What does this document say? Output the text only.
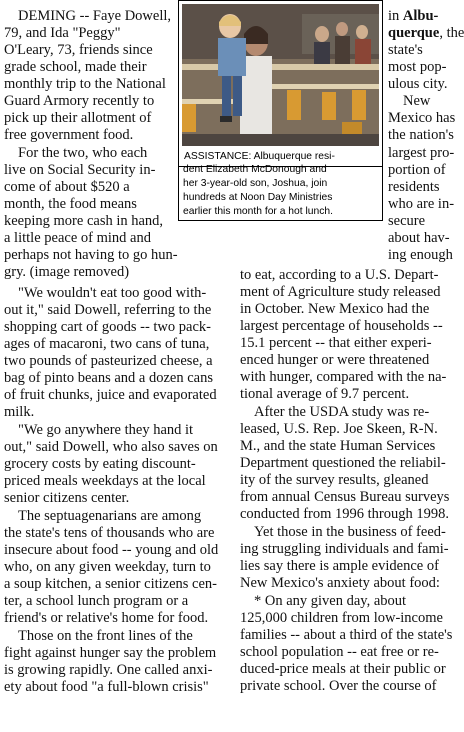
ASSISTANCE: Albuquerque resi-
dent Elizabeth McDonough and
her 3-year-old son, Joshua, join
hundreds at Noon Day Ministries
earlier this month for a hot lunch.
DEMING -- Faye Dowell,
79, and Ida "Peggy"
O'Leary, 73, friends since
grade school, made their
monthly trip to the National
Guard Armory recently to
pick up their allotment of
free government food.
For the two, who each
live on Social Security in-
come of about $520 a
month, the food means
keeping more cash in hand,
a little peace of mind and
perhaps not having to go hun-
gry. (image removed)
in Albu-
querque, the
state's
most pop-
ulous city.
New
Mexico has
the nation's
largest pro-
portion of
residents
who are in-
secure
about hav-
ing enough
"We wouldn't eat too good with-
out it," said Dowell, referring to the
shopping cart of goods -- two pack-
ages of macaroni, two cans of tuna,
two pounds of pasteurized cheese, a
bag of pinto beans and a dozen cans
of fruit chunks, juice and evaporated
milk.
"We go anywhere they hand it
out," said Dowell, who also saves on
grocery costs by eating discount-
priced meals weekdays at the local
senior citizens center.
The septuagenarians are among
the state's tens of thousands who are
insecure about food -- young and old
who, on any given weekday, turn to
a soup kitchen, a senior citizens cen-
ter, a school lunch program or a
friend's or relative's home for food.
Those on the front lines of the
fight against hunger say the problem
is growing rapidly. One called anxi-
ety about food "a full-blown crisis"
to eat, according to a U.S. Depart-
ment of Agriculture study released
in October. New Mexico had the
largest percentage of households --
15.1 percent -- that either experi-
enced hunger or were threatened
with hunger, compared with the na-
tional average of 9.7 percent.
After the USDA study was re-
leased, U.S. Rep. Joe Skeen, R-N.
M., and the state Human Services
Department questioned the reliabil-
ity of the survey results, gleaned
from annual Census Bureau surveys
conducted from 1996 through 1998.
Yet those in the business of feed-
ing struggling individuals and fami-
lies say there is ample evidence of
New Mexico's anxiety about food:
* On any given day, about
125,000 children from low-income
families -- about a third of the state's
school population -- eat free or re-
duced-price meals at their public or
private school. Over the course of
